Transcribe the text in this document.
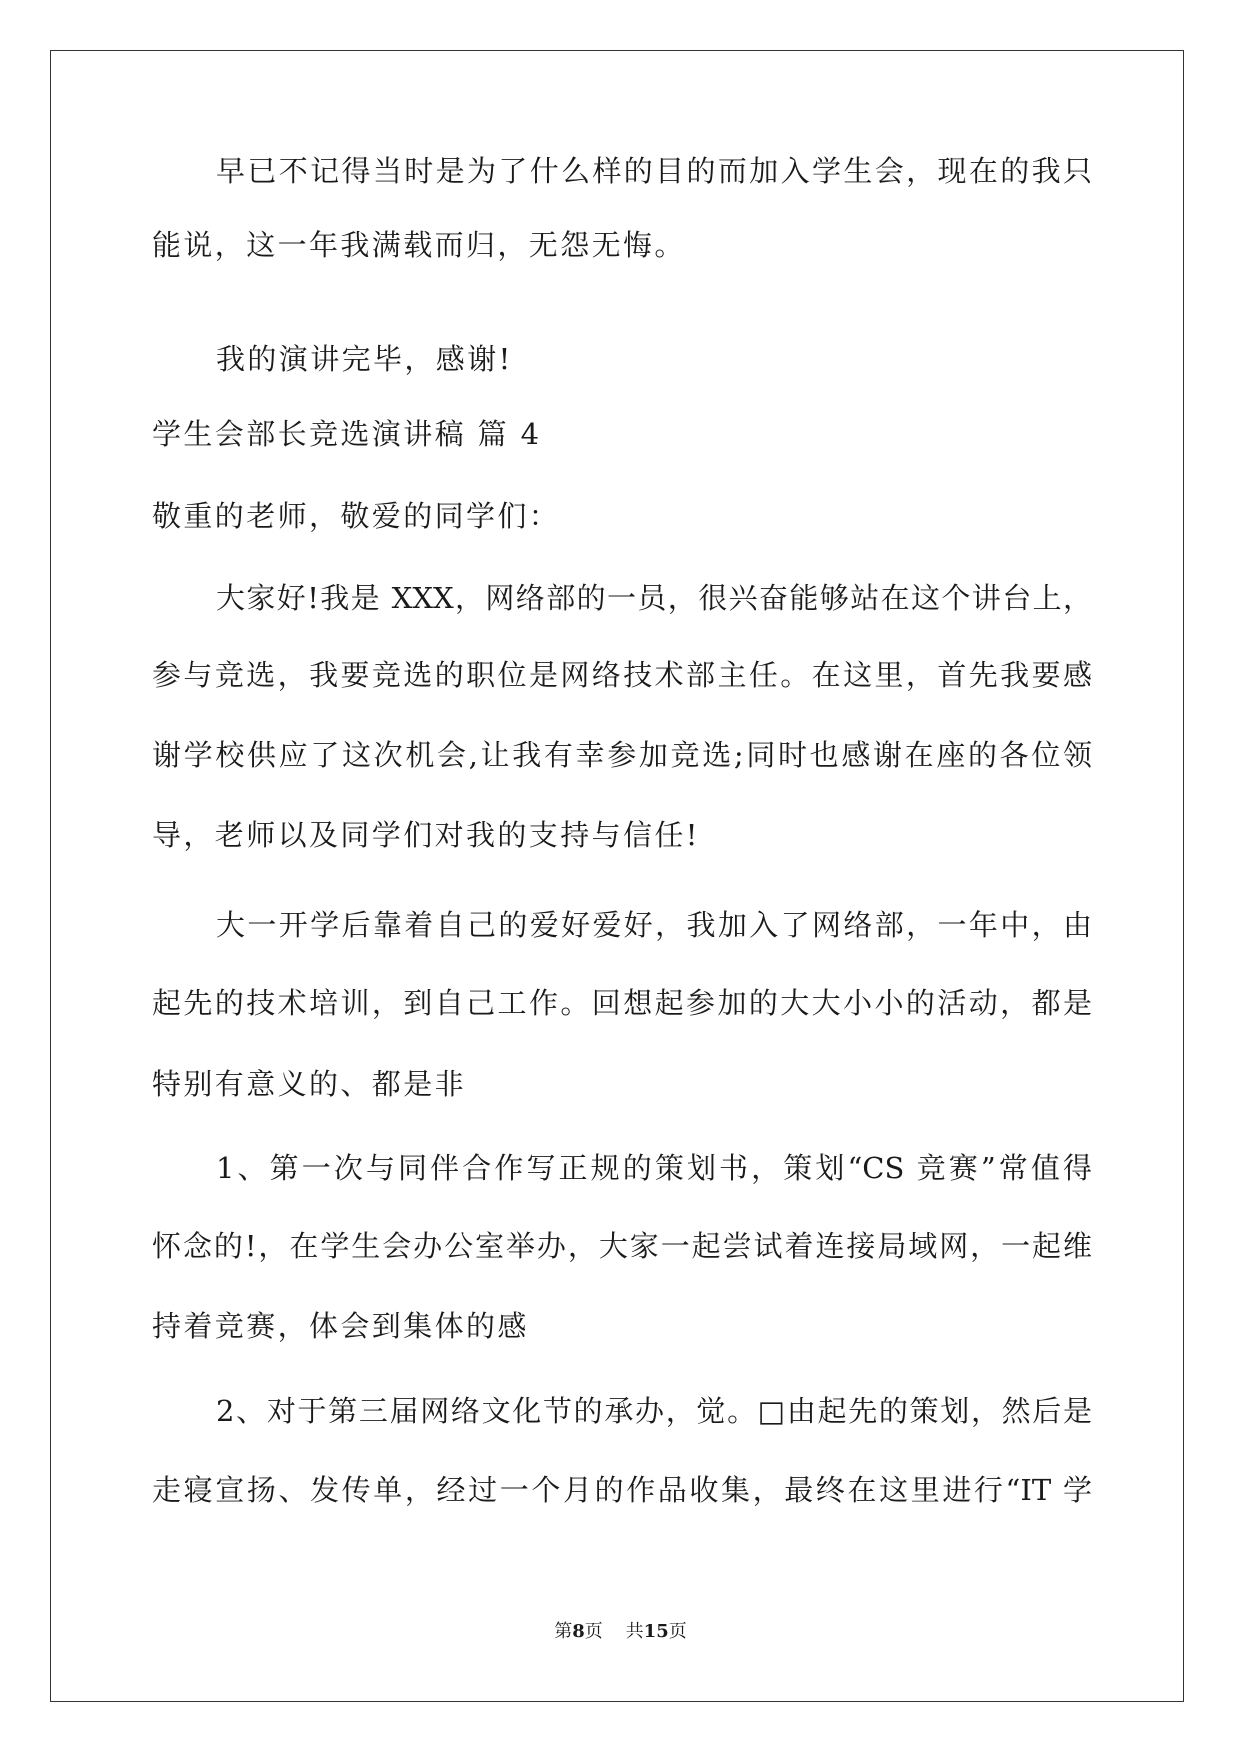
早已不记得当时是为了什么样的目的而加入学生会，现在的我只

能说，这一年我满载而归，无怨无悔。

我的演讲完毕，感谢!

学生会部长竞选演讲稿 篇 4

敬重的老师，敬爱的同学们：

大家好!我是 XXX，网络部的一员，很兴奋能够站在这个讲台上，

参与竞选，我要竞选的职位是网络技术部主任。在这里，首先我要感

谢学校供应了这次机会,让我有幸参加竞选;同时也感谢在座的各位领

导，老师以及同学们对我的支持与信任!

大一开学后靠着自己的爱好爱好，我加入了网络部，一年中，由

起先的技术培训，到自己工作。回想起参加的大大小小的活动，都是

特别有意义的、都是非

1、第一次与同伴合作写正规的策划书，策划“CS 竞赛”常值得

怀念的!，在学生会办公室举办，大家一起尝试着连接局域网，一起维

持着竞赛，体会到集体的感

2、对于第三届网络文化节的承办，觉。□由起先的策划，然后是

走寝宣扬、发传单，经过一个月的作品收集，最终在这里进行“IT 学

第8页 共15页
